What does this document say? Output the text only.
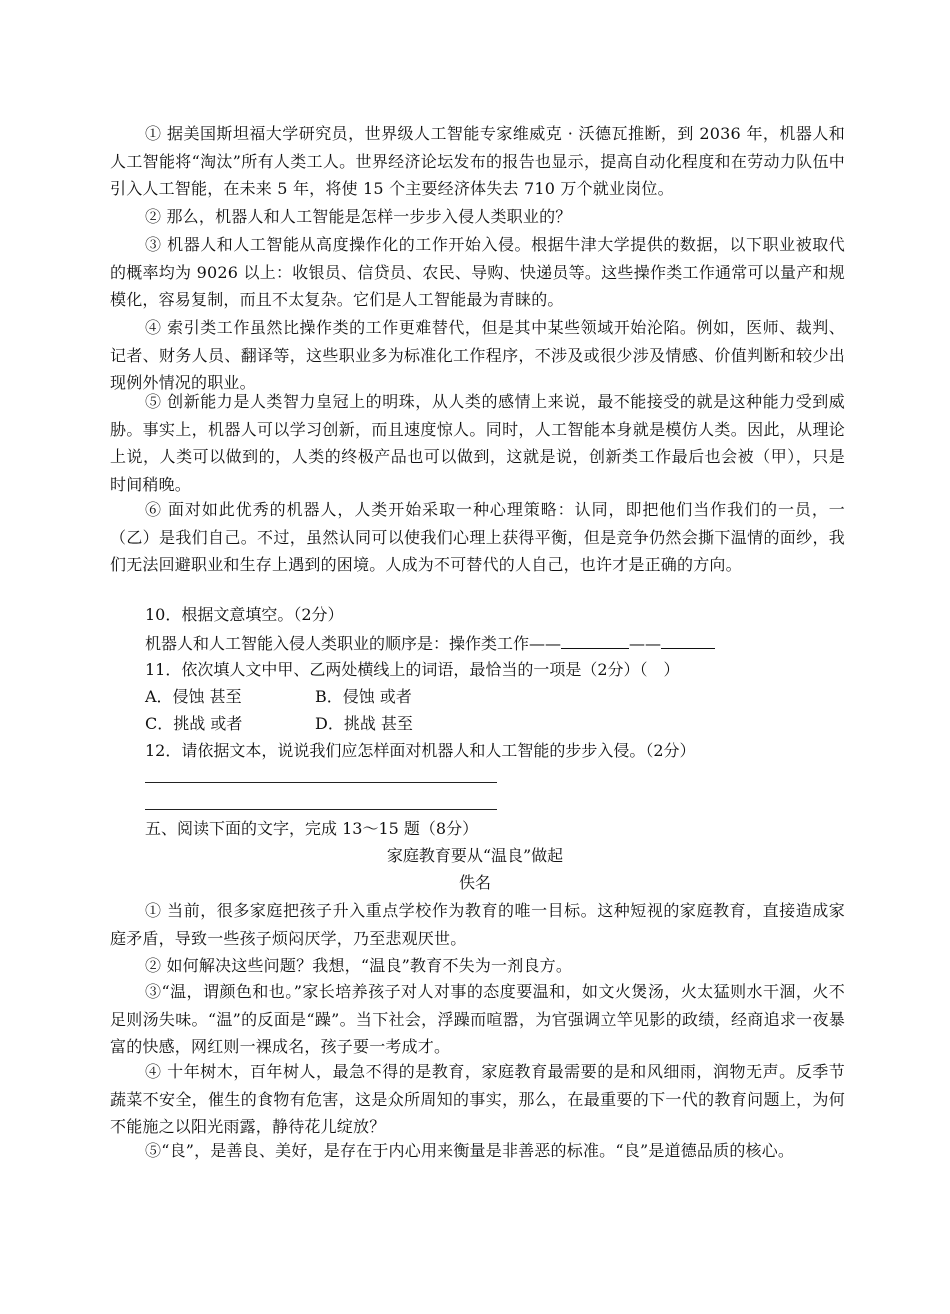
① 据美国斯坦福大学研究员，世界级人工智能专家维威克 · 沃德瓦推断，到 2036 年，机器人和人工智能将“淘汰”所有人类工人。世界经济论坛发布的报告也显示，提高自动化程度和在劳动力队伍中引入人工智能，在未来 5 年，将使 15 个主要经济体失去 710 万个就业岗位。
② 那么，机器人和人工智能是怎样一步步入侵人类职业的？
③ 机器人和人工智能从高度操作化的工作开始入侵。根据牛津大学提供的数据，以下职业被取代的概率均为 9026 以上：收银员、信贷员、农民、导购、快递员等。这些操作类工作通常可以量产和规模化，容易复制，而且不太复杂。它们是人工智能最为青睐的。
④ 索引类工作虽然比操作类的工作更难替代，但是其中某些领域开始沦陷。例如，医师、裁判、记者、财务人员、翻译等，这些职业多为标准化工作程序，不涉及或很少涉及情感、价值判断和较少出现例外情况的职业。
⑤ 创新能力是人类智力皇冠上的明珠，从人类的感情上来说，最不能接受的就是这种能力受到威胁。事实上，机器人可以学习创新，而且速度惊人。同时，人工智能本身就是模仿人类。因此，从理论上说，人类可以做到的，人类的终极产品也可以做到，这就是说，创新类工作最后也会被（甲），只是时间稍晚。
⑥ 面对如此优秀的机器人，人类开始采取一种心理策略：认同，即把他们当作我们的一员，一（乙）是我们自己。不过，虽然认同可以使我们心理上获得平衡，但是竞争仍然会撕下温情的面纱，我们无法回避职业和生存上遇到的困境。人成为不可替代的人自己，也许才是正确的方向。
10．根据文意填空。（2分）
机器人和人工智能入侵人类职业的顺序是：操作类工作——	——
11．依次填人文中甲、乙两处横线上的词语，最恰当的一项是（2分）（　）
A．侵蚀 甚至	B．侵蚀 或者
C．挑战 或者	D．挑战 甚至
12．请依据文本，说说我们应怎样面对机器人和人工智能的步步入侵。（2分）
五、阅读下面的文字，完成 13～15 题（8分）
家庭教育要从“温良”做起
佚名
① 当前，很多家庭把孩子升入重点学校作为教育的唯一目标。这种短视的家庭教育，直接造成家庭矛盾，导致一些孩子烦闷厌学，乃至悲观厌世。
② 如何解决这些问题？我想，“温良”教育不失为一剂良方。
③“温，谓颜色和也。”家长培养孩子对人对事的态度要温和，如文火煲汤，火太猛则水干涸，火不足则汤失味。“温”的反面是“躁”。当下社会，浮躁而喧嚣，为官强调立竿见影的政绩，经商追求一夜暴富的快感，网红则一裸成名，孩子要一考成才。
④ 十年树木，百年树人，最急不得的是教育，家庭教育最需要的是和风细雨，润物无声。反季节蔬菜不安全，催生的食物有危害，这是众所周知的事实，那么，在最重要的下一代的教育问题上，为何不能施之以阳光雨露，静待花儿绽放？
⑤“良”，是善良、美好，是存在于内心用来衡量是非善恶的标准。“良”是道德品质的核心。
